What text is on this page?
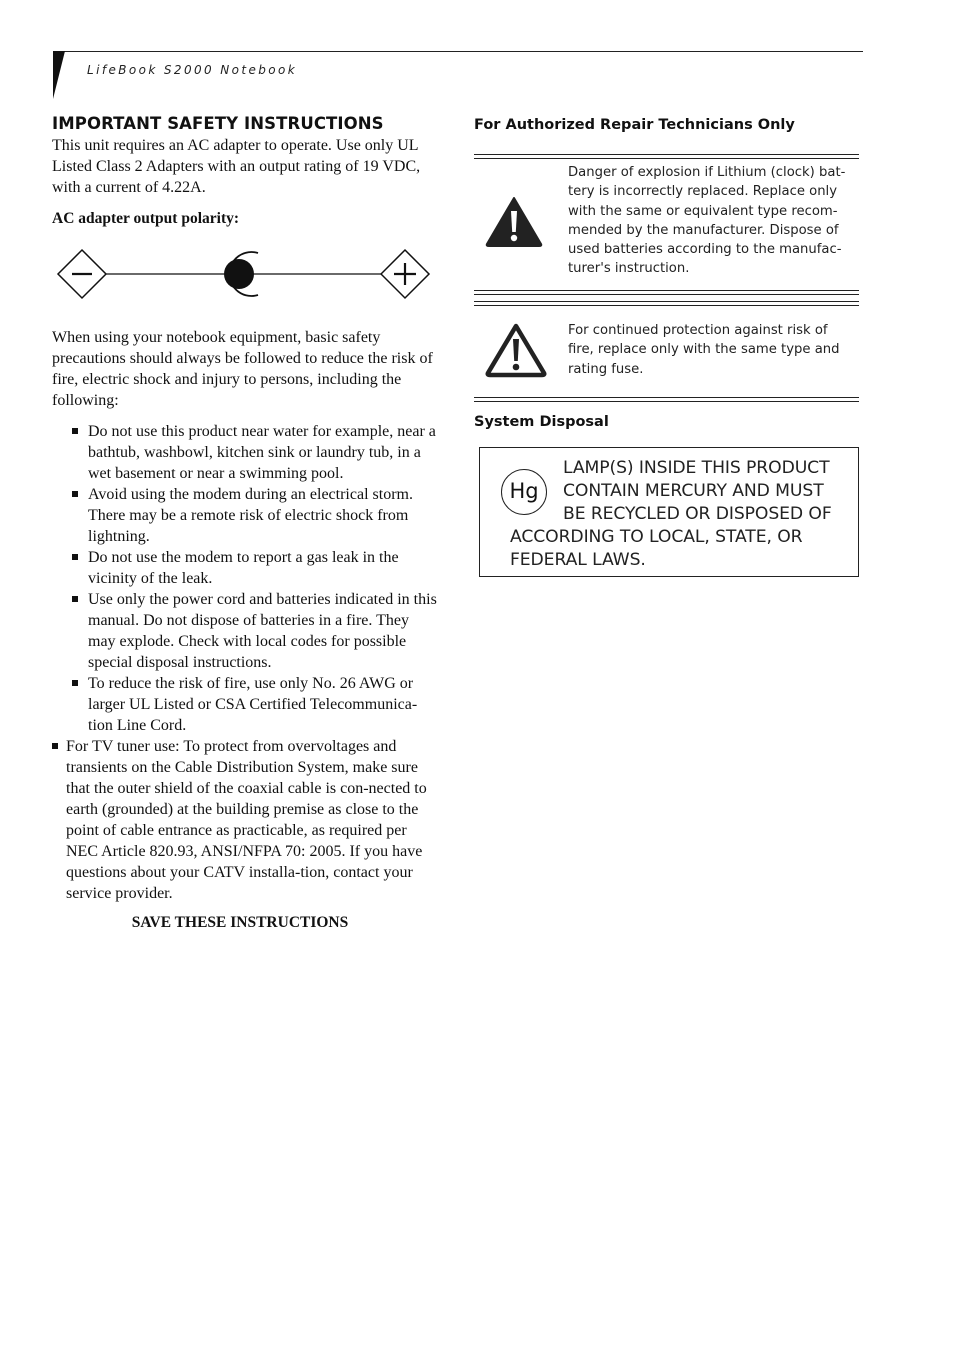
LifeBook S2000 Notebook
IMPORTANT SAFETY INSTRUCTIONS

This unit requires an AC adapter to operate. Use only UL Listed Class 2 Adapters with an output rating of 19 VDC, with a current of 4.22A.

AC adapter output polarity:

When using your notebook equipment, basic safety precautions should always be followed to reduce the risk of fire, electric shock and injury to persons, including the following:

Do not use this product near water for example, near a bathtub, washbowl, kitchen sink or laundry tub, in a wet basement or near a swimming pool.
Avoid using the modem during an electrical storm. There may be a remote risk of electric shock from lightning.
Do not use the modem to report a gas leak in the vicinity of the leak.
Use only the power cord and batteries indicated in this manual. Do not dispose of batteries in a fire. They may explode. Check with local codes for possible special disposal instructions.
To reduce the risk of fire, use only No. 26 AWG or larger UL Listed or CSA Certified Telecommunica-tion Line Cord.
For TV tuner use: To protect from overvoltages and transients on the Cable Distribution System, make sure that the outer shield of the coaxial cable is con-nected to earth (grounded) at the building premise as close to the point of cable entrance as practicable, as required per NEC Article 820.93, ANSI/NFPA 70: 2005. If you have questions about your CATV installa-tion, contact your service provider.
SAVE THESE INSTRUCTIONS
For Authorized Repair Technicians Only
Danger of explosion if Lithium (clock) bat-tery is incorrectly replaced. Replace only with the same or equivalent type recom-mended by the manufacturer. Dispose of used batteries according to the manufac-turer's instruction.
For continued protection against risk of fire, replace only with the same type and rating fuse.
System Disposal
Hg
LAMP(S) INSIDE THIS PRODUCT
CONTAIN MERCURY AND MUST
BE RECYCLED OR DISPOSED OF
ACCORDING TO LOCAL, STATE, OR
FEDERAL LAWS.
